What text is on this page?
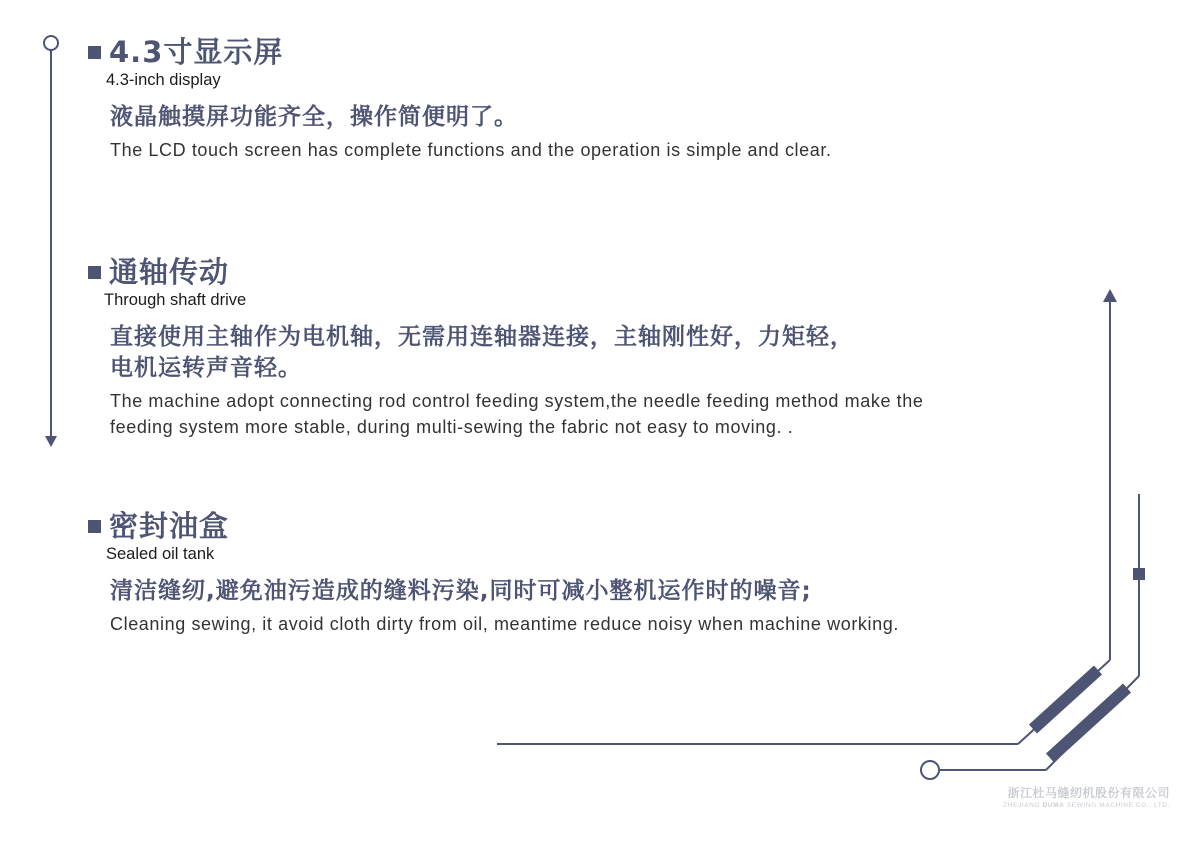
4.3寸显示屏
4.3-inch display
液晶触摸屏功能齐全，操作简便明了。
The LCD touch screen has complete functions and the operation is simple and clear.
通轴传动
Through shaft drive
直接使用主轴作为电机轴，无需用连轴器连接，主轴刚性好，力矩轻，
电机运转声音轻。
The machine adopt connecting rod control feeding system,the needle feeding method make the
feeding system more stable, during multi-sewing the fabric not easy to moving. .
密封油盒
Sealed oil tank
清洁缝纫,避免油污造成的缝料污染,同时可减小整机运作时的噪音;
Cleaning sewing, it avoid cloth dirty from oil, meantime reduce noisy when machine working.
浙江杜马缝纫机股份有限公司
ZHEJIANG DUMA SEWING MACHINE CO., LTD.
